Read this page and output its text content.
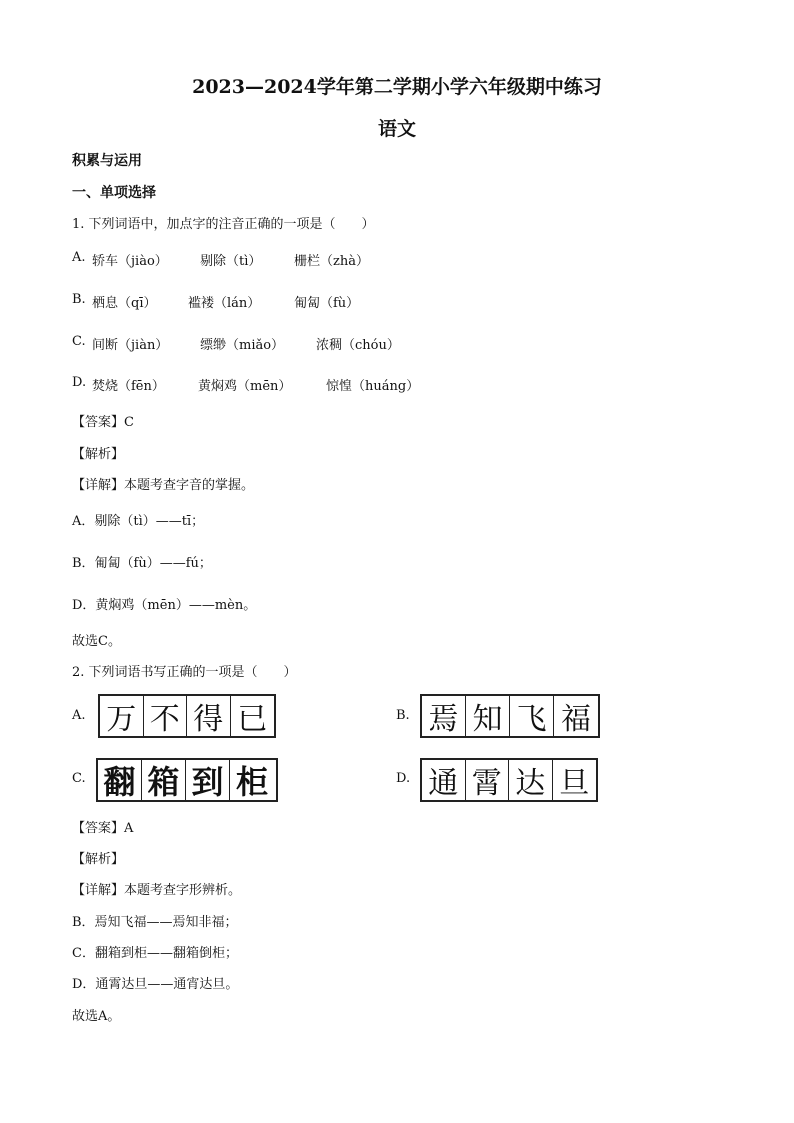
2023—2024学年第二学期小学六年级期中练习
语文
积累与运用
一、单项选择
1. 下列词语中，加点字的注音正确的一项是（　　）
A. 轿车（jiào） 剔除（tì）	栅栏（zhà）
B. 栖息（qī） 褴褛（lán）	匍匐（fù）
C. 间断（jiàn） 缥缈（miǎo） 浓稠（chóu）
D. 焚烧（fēn）	黄焖鸡（mēn）	惊惶（huáng）
【答案】C
【解析】
【详解】本题考查字音的掌握。
A．剔除（tì）——tī；
B．匍匐（fù）——fú；
D．黄焖鸡（mēn）——mèn。
故选C。
2. 下列词语书写正确的一项是（　　）
A. 万 不 得 已	B. 焉 知 飞 福
C. 翻 箱 到 柜	D. 通 霄 达 旦
【答案】A
【解析】
【详解】本题考查字形辨析。
B．焉知飞福——焉知非福；
C．翻箱到柜——翻箱倒柜；
D．通霄达旦——通宵达旦。
故选A。
